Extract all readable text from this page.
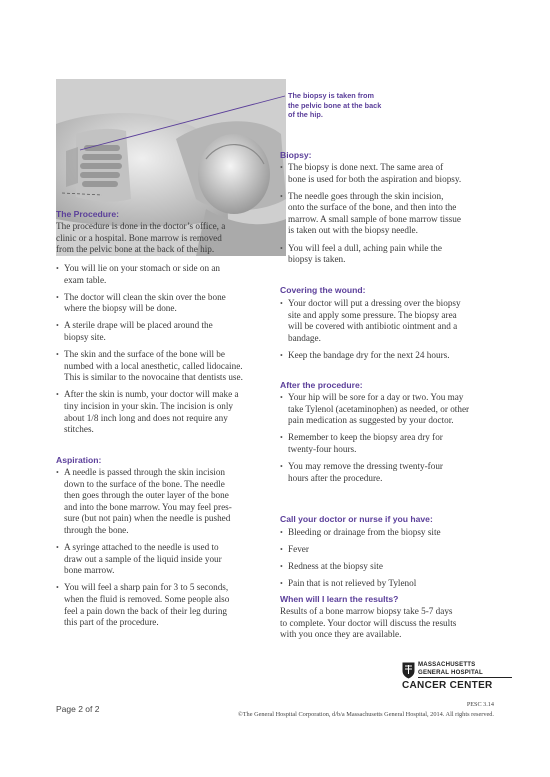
The biopsy is taken from
the pelvic bone at the back
of the hip.
The Procedure:
The procedure is done in the doctor’s office, a
clinic or a hospital. Bone marrow is removed
from the pelvic bone at the back of the hip.
• You will lie on your stomach or side on an
exam table.
• The doctor will clean the skin over the bone
where the biopsy will be done.
• A sterile drape will be placed around the
biopsy site.
• The skin and the surface of the bone will be
numbed with a local anesthetic, called lidocaine.
This is similar to the novocaine that dentists use.
• After the skin is numb, your doctor will make a
tiny incision in your skin. The incision is only
about 1/8 inch long and does not require any
stitches.
Aspiration:
• A needle is passed through the skin incision
down to the surface of the bone. The needle
then goes through the outer layer of the bone
and into the bone marrow. You may feel pres-
sure (but not pain) when the needle is pushed
through the bone.
• A syringe attached to the needle is used to
draw out a sample of the liquid inside your
bone marrow.
• You will feel a sharp pain for 3 to 5 seconds,
when the fluid is removed. Some people also
feel a pain down the back of their leg during
this part of the procedure.
Biopsy:
• The biopsy is done next. The same area of
bone is used for both the aspiration and biopsy.
• The needle goes through the skin incision,
onto the surface of the bone, and then into the
marrow. A small sample of bone marrow tissue
is taken out with the biopsy needle.
• You will feel a dull, aching pain while the
biopsy is taken.
Covering the wound:
• Your doctor will put a dressing over the biopsy
site and apply some pressure. The biopsy area
will be covered with antibiotic ointment and a
bandage.
• Keep the bandage dry for the next 24 hours.
After the procedure:
• Your hip will be sore for a day or two. You may
take Tylenol (acetaminophen) as needed, or other
pain medication as suggested by your doctor.
• Remember to keep the biopsy area dry for
twenty-four hours.
• You may remove the dressing twenty-four
hours after the procedure.
Call your doctor or nurse if you have:
• Bleeding or drainage from the biopsy site
• Fever
• Redness at the biopsy site
• Pain that is not relieved by Tylenol
When will I learn the results?
Results of a bone marrow biopsy take 5-7 days
to complete. Your doctor will discuss the results
with you once they are available.
MASSACHUSETTS
GENERAL HOSPITAL
CANCER CENTER
Page 2 of 2	PESC 3.14
©The General Hospital Corporation, d/b/a Massachusetts General Hospital, 2014. All rights reserved.
